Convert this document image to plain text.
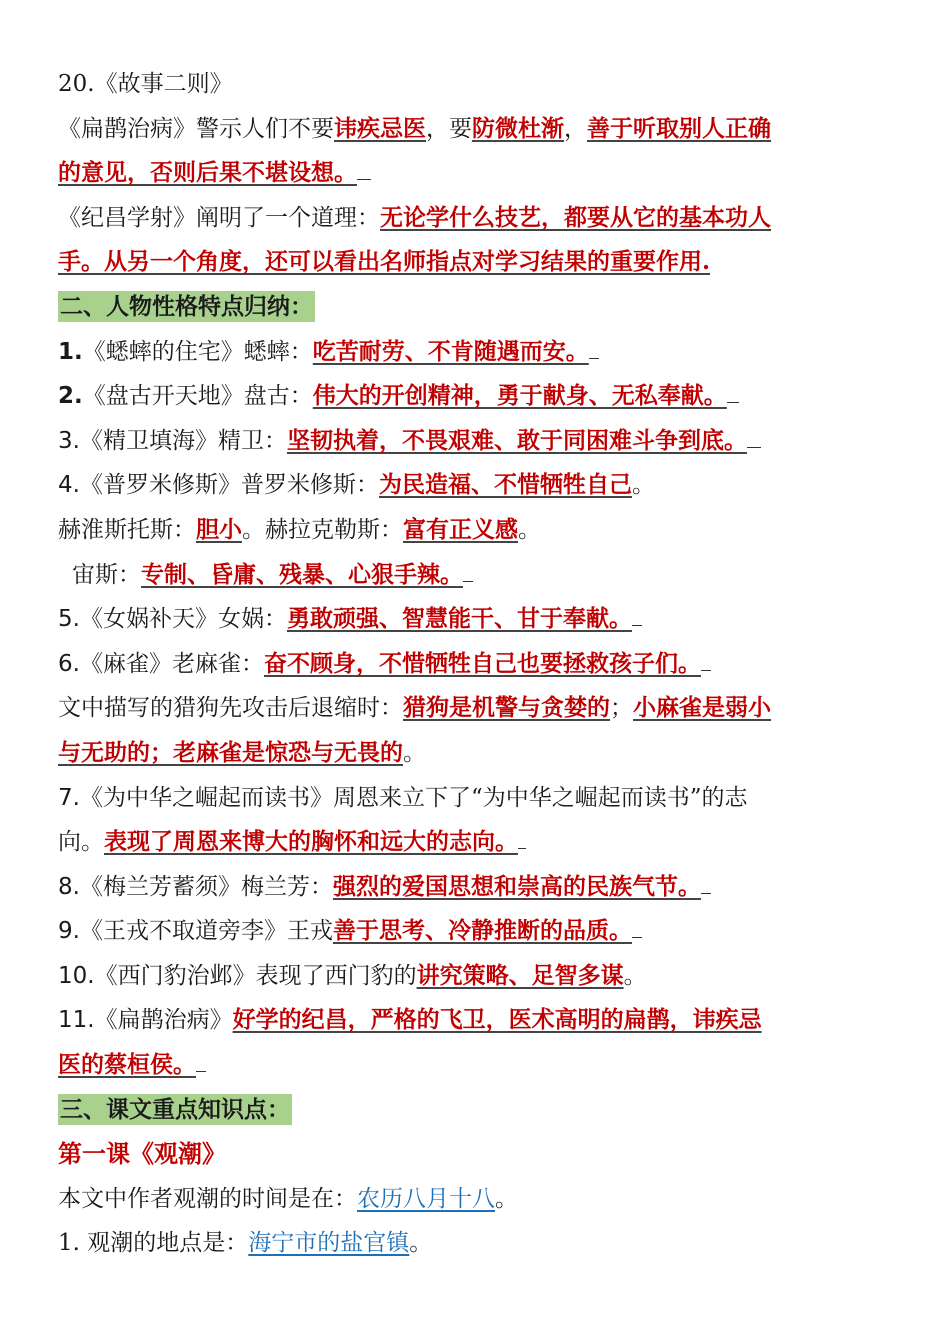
20.《故事二则》
《扁鹊治病》警示人们不要讳疾忌医，要防微杜渐，善于听取别人正确
的意见，否则后果不堪设想。
《纪昌学射》阐明了一个道理：无论学什么技艺，都要从它的基本功人
手。从另一个角度，还可以看出名师指点对学习结果的重要作用.
二、人物性格特点归纳：
1.《蟋蟀的住宅》蟋蟀：吃苦耐劳、不肯随遇而安。
2.《盘古开天地》盘古：伟大的开创精神，勇于献身、无私奉献。
3.《精卫填海》精卫：坚韧执着，不畏艰难、敢于同困难斗争到底。
4.《普罗米修斯》普罗米修斯：为民造福、不惜牺牲自己。
赫淮斯托斯：胆小。赫拉克勒斯：富有正义感。
宙斯：专制、昏庸、残暴、心狠手辣。
5.《女娲补天》女娲：勇敢顽强、智慧能干、甘于奉献。
6.《麻雀》老麻雀：奋不顾身，不惜牺牲自己也要拯救孩子们。
文中描写的猎狗先攻击后退缩时：猎狗是机警与贪婪的；小麻雀是弱小
与无助的；老麻雀是惊恐与无畏的。
7.《为中华之崛起而读书》周恩来立下了“为中华之崛起而读书”的志
向。表现了周恩来博大的胸怀和远大的志向。
8.《梅兰芳蓄须》梅兰芳：强烈的爱国思想和崇高的民族气节。
9.《王戎不取道旁李》王戎善于思考、冷静推断的品质。
10.《西门豹治邺》表现了西门豹的讲究策略、足智多谋。
11.《扁鹊治病》好学的纪昌，严格的飞卫，医术高明的扁鹊，讳疾忌
医的蔡桓侯。
三、课文重点知识点：
第一课《观潮》
本文中作者观潮的时间是在：农历八月十八。
1. 观潮的地点是：海宁市的盐官镇。
